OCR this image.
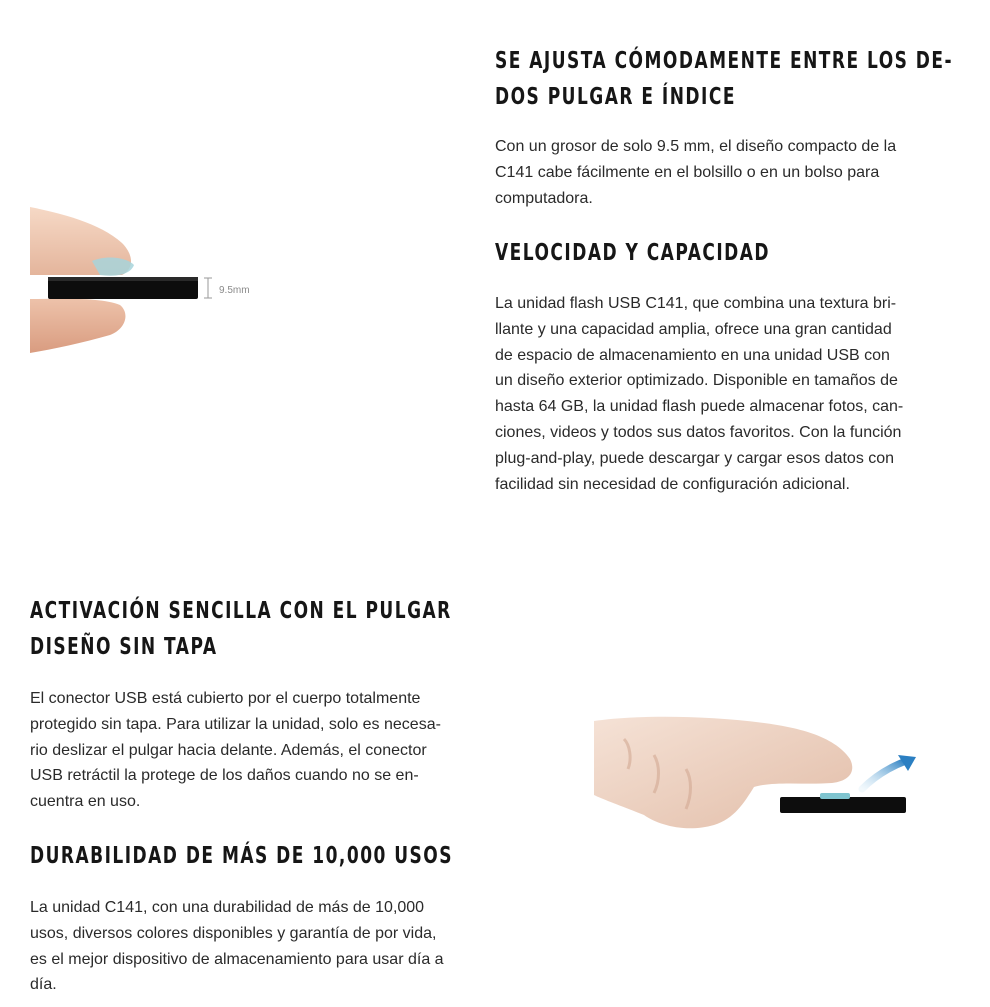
SE AJUSTA CÓMODAMENTE ENTRE LOS DE-
DOS PULGAR E ÍNDICE

Con un grosor de solo 9.5 mm, el diseño compacto de la
C141 cabe fácilmente en el bolsillo o en un bolso para
computadora.

VELOCIDAD Y CAPACIDAD

La unidad flash USB C141, que combina una textura bri-
llante y una capacidad amplia, ofrece una gran cantidad
de espacio de almacenamiento en una unidad USB con
un diseño exterior optimizado. Disponible en tamaños de
hasta 64 GB, la unidad flash puede almacenar fotos, can-
ciones, videos y todos sus datos favoritos. Con la función
plug-and-play, puede descargar y cargar esos datos con
facilidad sin necesidad de configuración adicional.

ACTIVACIÓN SENCILLA CON EL PULGAR
DISEÑO SIN TAPA

El conector USB está cubierto por el cuerpo totalmente
protegido sin tapa. Para utilizar la unidad, solo es necesa-
rio deslizar el pulgar hacia delante. Además, el conector
USB retráctil la protege de los daños cuando no se en-
cuentra en uso.

DURABILIDAD DE MÁS DE 10,000 USOS

La unidad C141, con una durabilidad de más de 10,000
usos, diversos colores disponibles y garantía de por vida,
es el mejor dispositivo de almacenamiento para usar día a
día.

9.5mm
